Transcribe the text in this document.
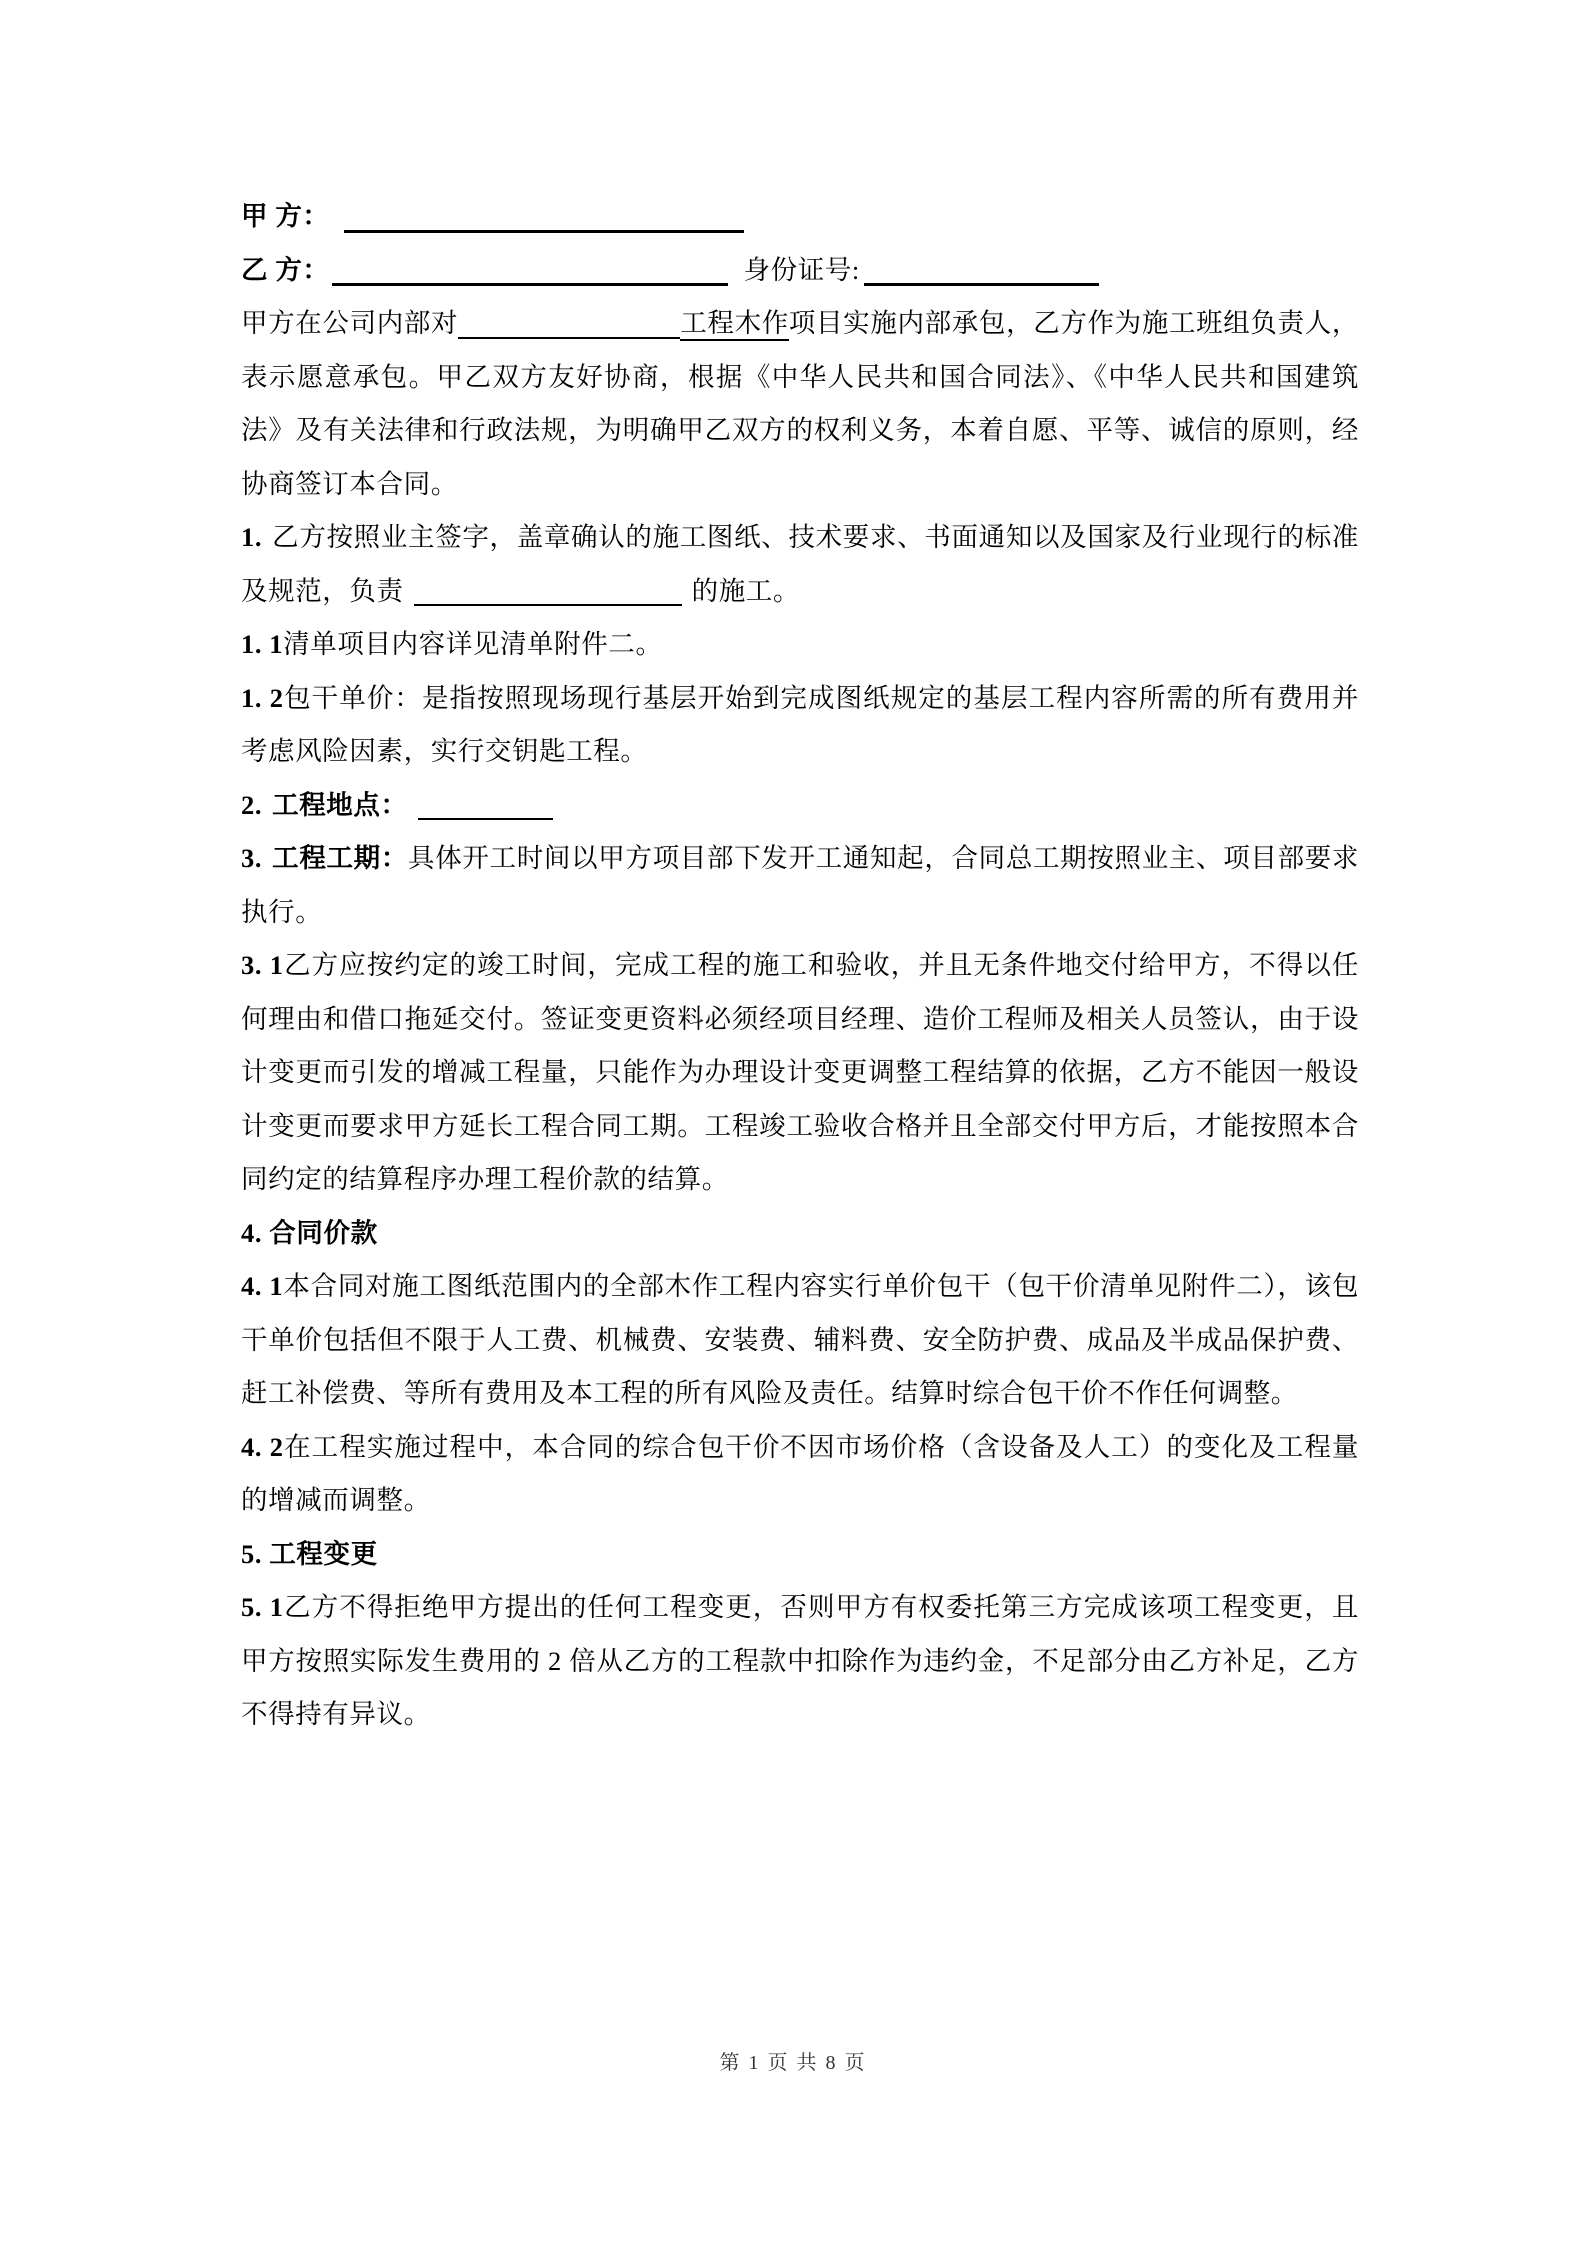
甲 方：

乙 方：	身份证号:

甲方在公司内部对	工程木作项目实施内部承包，乙方作为施工班组负责人，表示愿意承包。甲乙双方友好协商，根据《中华人民共和国合同法》、《中华人民共和国建筑法》及有关法律和行政法规，为明确甲乙双方的权利义务，本着自愿、平等、诚信的原则，经协商签订本合同。

1. 乙方按照业主签字，盖章确认的施工图纸、技术要求、书面通知以及国家及行业现行的标准及规范，负责	的施工。

1. 1清单项目内容详见清单附件二。

1. 2包干单价：是指按照现场现行基层开始到完成图纸规定的基层工程内容所需的所有费用并考虑风险因素，实行交钥匙工程。

2. 工程地点：

3. 工程工期：具体开工时间以甲方项目部下发开工通知起，合同总工期按照业主、项目部要求执行。

3. 1乙方应按约定的竣工时间，完成工程的施工和验收，并且无条件地交付给甲方，不得以任何理由和借口拖延交付。签证变更资料必须经项目经理、造价工程师及相关人员签认，由于设计变更而引发的增减工程量，只能作为办理设计变更调整工程结算的依据，乙方不能因一般设计变更而要求甲方延长工程合同工期。工程竣工验收合格并且全部交付甲方后，才能按照本合同约定的结算程序办理工程价款的结算。

4. 合同价款

4. 1本合同对施工图纸范围内的全部木作工程内容实行单价包干（包干价清单见附件二），该包干单价包括但不限于人工费、机械费、安装费、辅料费、安全防护费、成品及半成品保护费、赶工补偿费、等所有费用及本工程的所有风险及责任。结算时综合包干价不作任何调整。

4. 2在工程实施过程中，本合同的综合包干价不因市场价格（含设备及人工）的变化及工程量的增减而调整。

5. 工程变更

5. 1乙方不得拒绝甲方提出的任何工程变更，否则甲方有权委托第三方完成该项工程变更，且甲方按照实际发生费用的 2 倍从乙方的工程款中扣除作为违约金，不足部分由乙方补足，乙方不得持有异议。

第 1 页 共 8 页
